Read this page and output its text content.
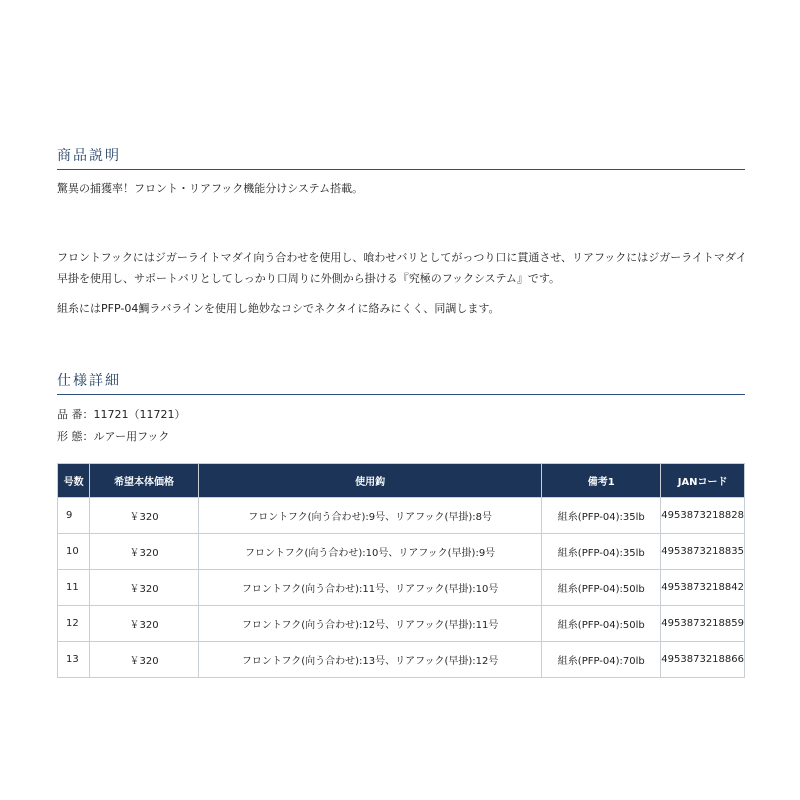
商品説明
驚異の捕獲率！フロント・リアフック機能分けシステム搭載。
フロントフックにはジガーライトマダイ向う合わせを使用し、喰わせバリとしてがっつり口に貫通させ、リアフックにはジガーライトマダイ早掛を使用し、サポートバリとしてしっかり口周りに外側から掛ける『究極のフックシステム』です。
組糸にはPFP-04鯛ラバラインを使用し絶妙なコシでネクタイに絡みにくく、同調します。
仕様詳細
品 番：11721（11721）
形 態：ルアー用フック
号数	希望本体価格	使用鈎	備考1	JANコード
9	￥320	フロントフク(向う合わせ):9号、リアフック(早掛):8号	組糸(PFP-04):35lb	4953873218828
10	￥320	フロントフク(向う合わせ):10号、リアフック(早掛):9号	組糸(PFP-04):35lb	4953873218835
11	￥320	フロントフク(向う合わせ):11号、リアフック(早掛):10号	組糸(PFP-04):50lb	4953873218842
12	￥320	フロントフク(向う合わせ):12号、リアフック(早掛):11号	組糸(PFP-04):50lb	4953873218859
13	￥320	フロントフク(向う合わせ):13号、リアフック(早掛):12号	組糸(PFP-04):70lb	4953873218866
